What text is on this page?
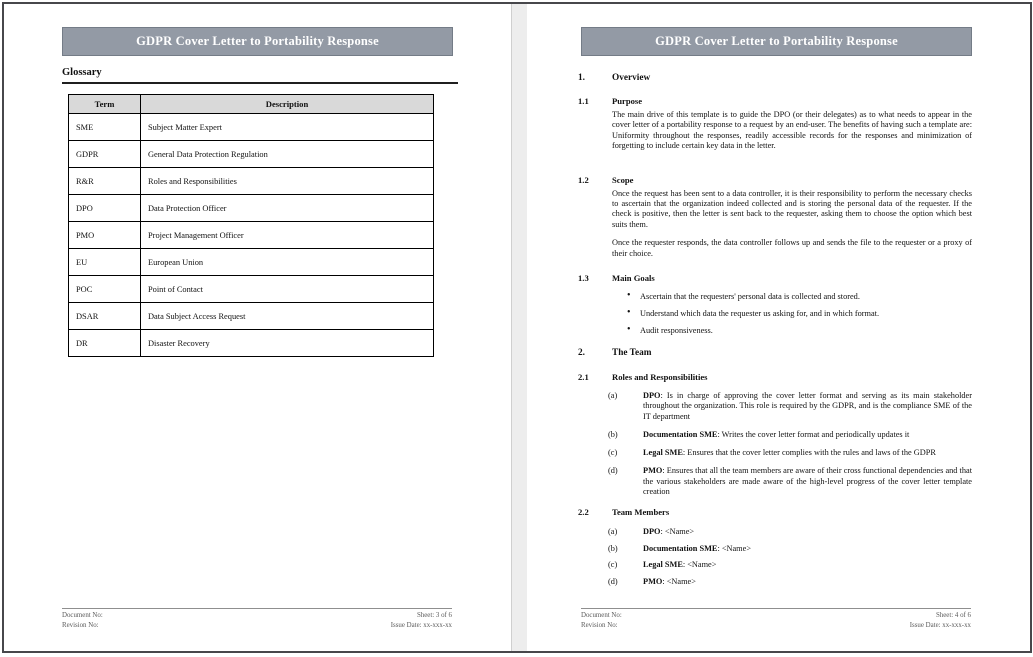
GDPR Cover Letter to Portability Response
Glossary
Term	Description
SME	Subject Matter Expert
GDPR	General Data Protection Regulation
R&R	Roles and Responsibilities
DPO	Data Protection Officer
PMO	Project Management Officer
EU	European Union
POC	Point of Contact
DSAR	Data Subject Access Request
DR	Disaster Recovery
Document No:
Revision No:
Sheet: 3 of 6
Issue Date: xx-xxx-xx
GDPR Cover Letter to Portability Response
1.	Overview
1.1	Purpose
The main drive of this template is to guide the DPO (or their delegates) as to what needs to appear in the cover letter of a portability response to a request by an end-user. The benefits of having such a template are: Uniformity throughout the responses, readily accessible records for the responses and minimization of forgetting to include certain key data in the letter.
1.2	Scope
Once the request has been sent to a data controller, it is their responsibility to perform the necessary checks to ascertain that the organization indeed collected and is storing the personal data of the requester. If the check is positive, then the letter is sent back to the requester, asking them to choose the option which best suits them.
Once the requester responds, the data controller follows up and sends the file to the requester or a proxy of their choice.
1.3	Main Goals
• Ascertain that the requesters' personal data is collected and stored.
• Understand which data the requester us asking for, and in which format.
• Audit responsiveness.
2.	The Team
2.1	Roles and Responsibilities
(a)	DPO: Is in charge of approving the cover letter format and serving as its main stakeholder throughout the organization. This role is required by the GDPR, and is the compliance SME of the IT department
(b)	Documentation SME: Writes the cover letter format and periodically updates it
(c)	Legal SME: Ensures that the cover letter complies with the rules and laws of the GDPR
(d)	PMO: Ensures that all the team members are aware of their cross functional dependencies and that the various stakeholders are made aware of the high-level progress of the cover letter template creation
2.2	Team Members
(a)	DPO: <Name>
(b)	Documentation SME: <Name>
(c)	Legal SME: <Name>
(d)	PMO: <Name>
Document No:
Revision No:
Sheet: 4 of 6
Issue Date: xx-xxx-xx
